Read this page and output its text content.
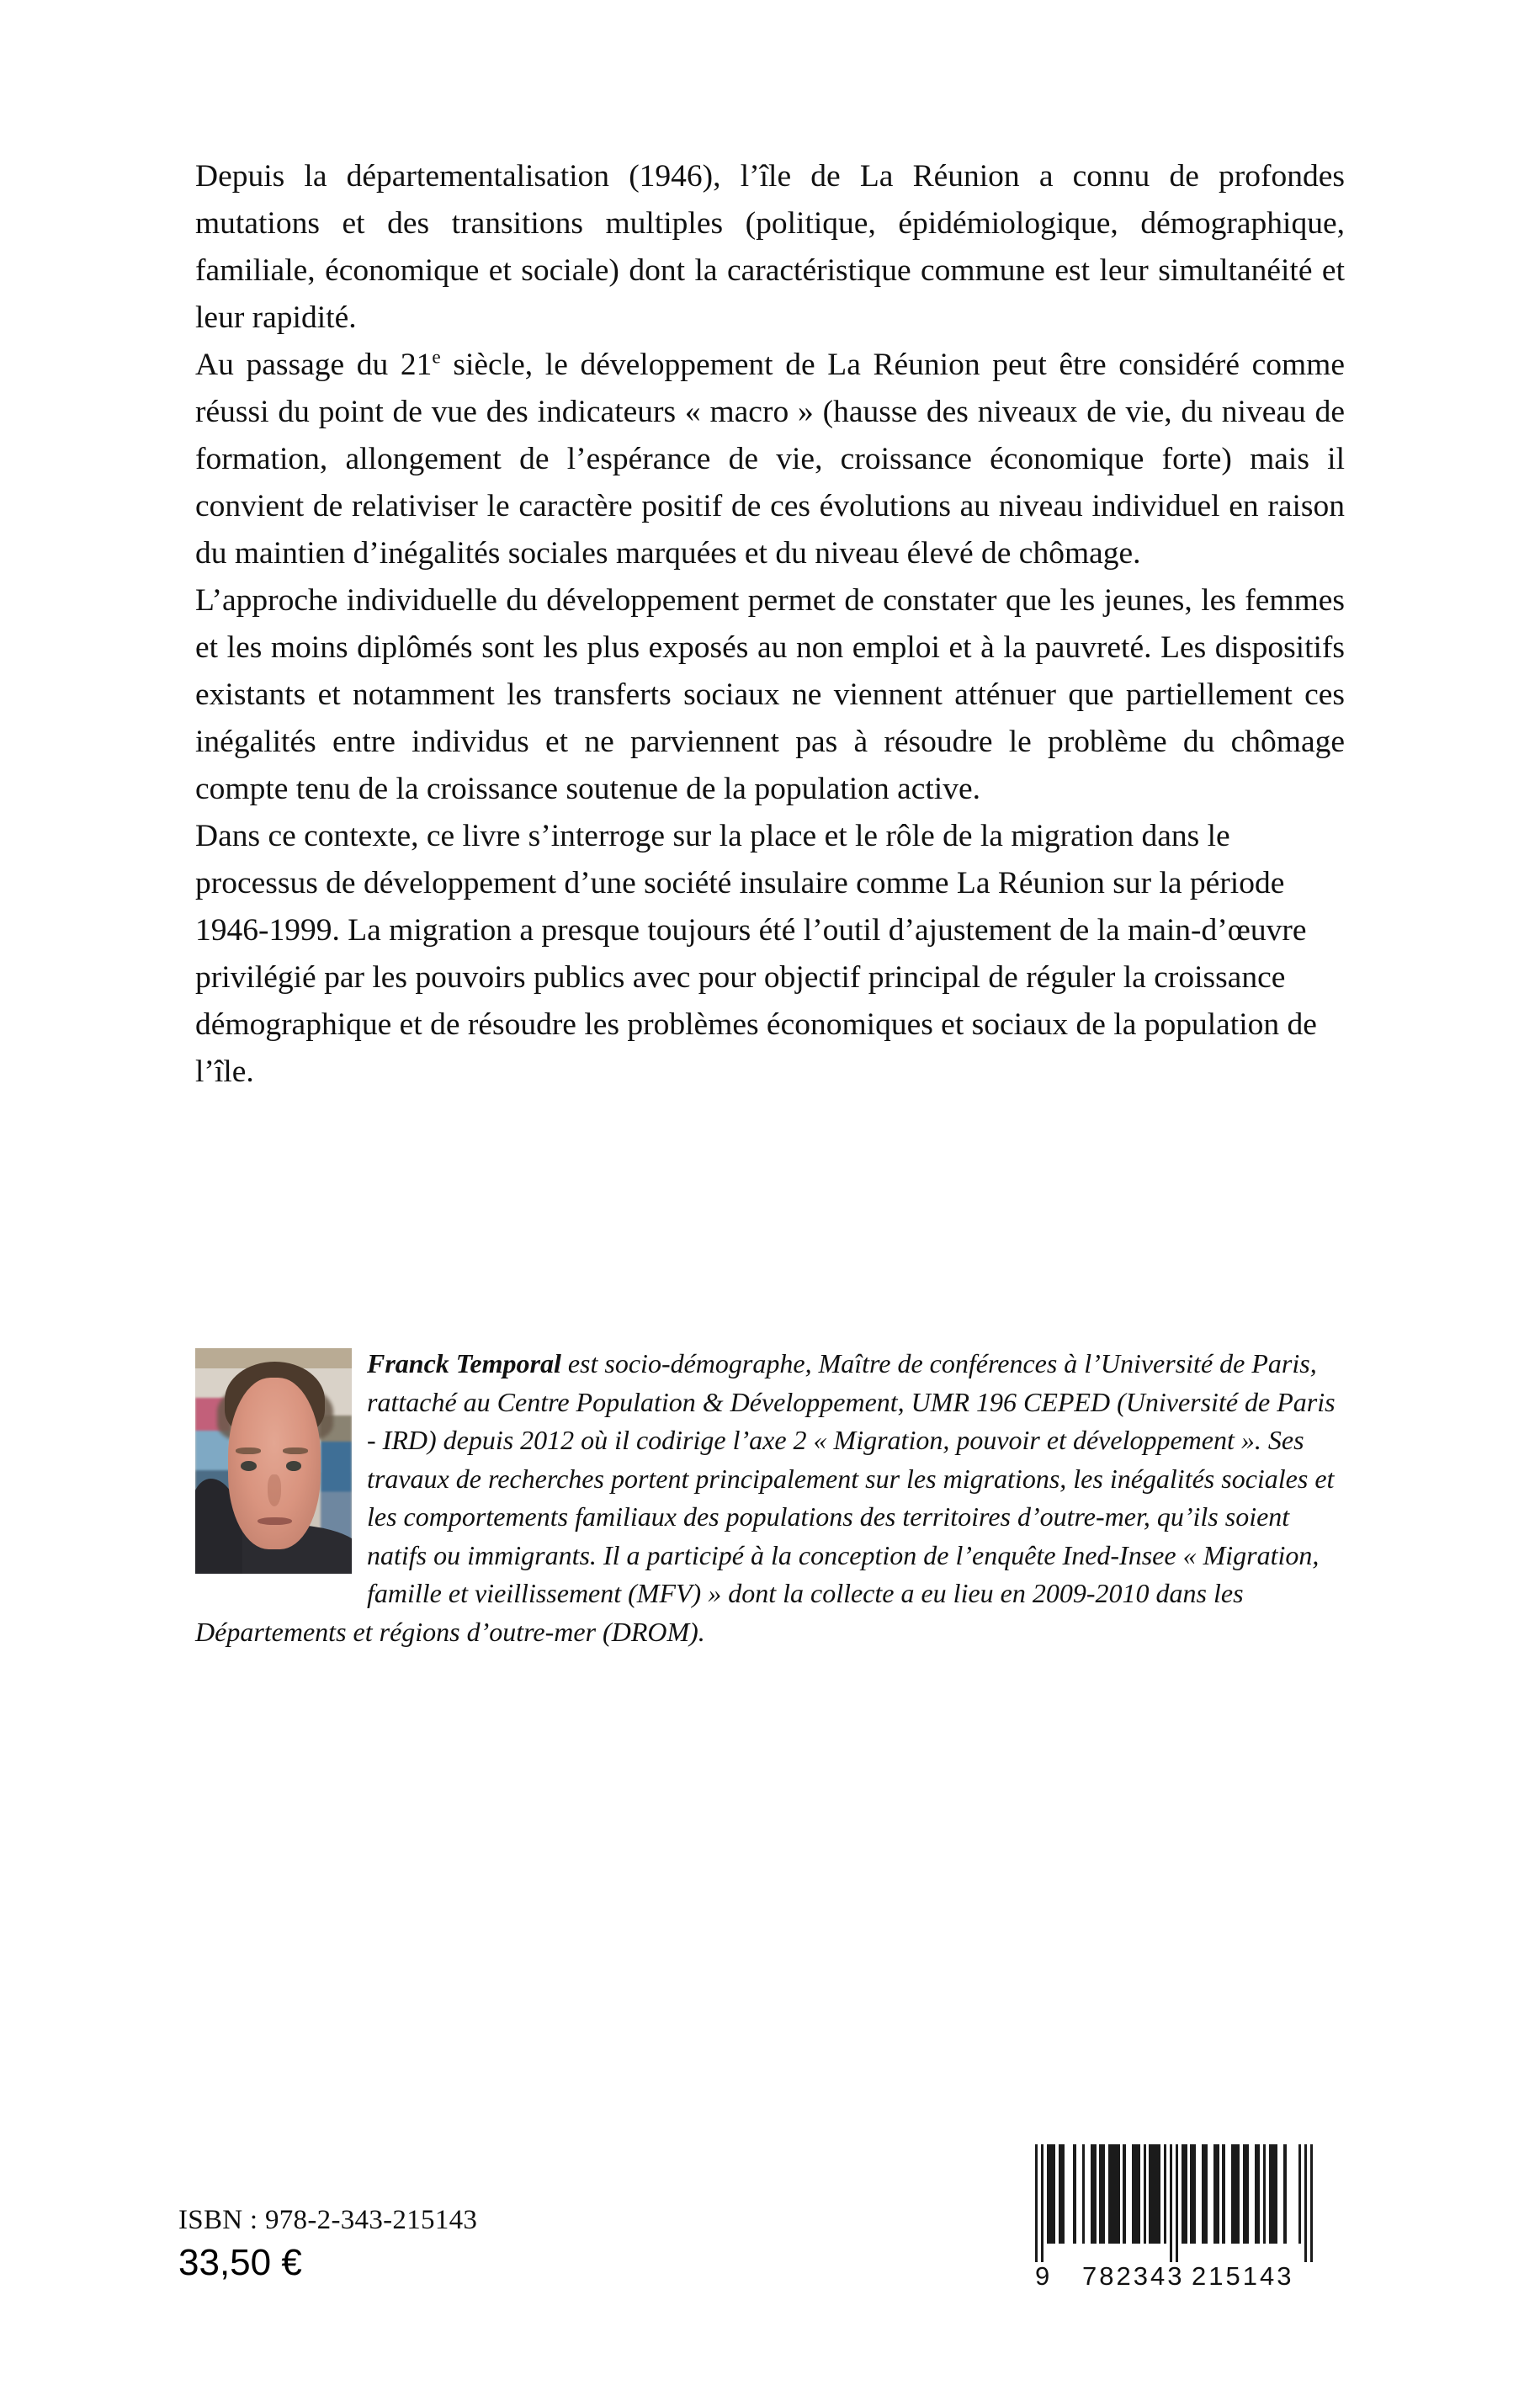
Depuis la départementalisation (1946), l’île de La Réunion a connu de profondes mutations et des transitions multiples (politique, épidémiologique, démographique, familiale, économique et sociale) dont la caractéristique commune est leur simultanéité et leur rapidité.

Au passage du 21e siècle, le développement de La Réunion peut être considéré comme réussi du point de vue des indicateurs « macro » (hausse des niveaux de vie, du niveau de formation, allongement de l’espérance de vie, croissance économique forte) mais il convient de relativiser le caractère positif de ces évolutions au niveau individuel en raison du maintien d’inégalités sociales marquées et du niveau élevé de chômage.

L’approche individuelle du développement permet de constater que les jeunes, les femmes et les moins diplômés sont les plus exposés au non emploi et à la pauvreté. Les dispositifs existants et notamment les transferts sociaux ne viennent atténuer que partiellement ces inégalités entre individus et ne parviennent pas à résoudre le problème du chômage compte tenu de la croissance soutenue de la population active.

Dans ce contexte, ce livre s’interroge sur la place et le rôle de la migration dans le processus de développement d’une société insulaire comme La Réunion sur la période 1946-1999. La migration a presque toujours été l’outil d’ajustement de la main-d’œuvre privilégié par les pouvoirs publics avec pour objectif principal de réguler la croissance démographique et de résoudre les problèmes économiques et sociaux de la population de l’île.

Franck Temporal est socio-démographe, Maître de conférences à l’Université de Paris, rattaché au Centre Population & Développement, UMR 196 CEPED (Université de Paris - IRD) depuis 2012 où il codirige l’axe 2 « Migration, pouvoir et développement ». Ses travaux de recherches portent principalement sur les migrations, les inégalités sociales et les comportements familiaux des populations des territoires d’outre-mer, qu’ils soient natifs ou immigrants. Il a participé à la conception de l’enquête Ined-Insee « Migration, famille et vieillissement (MFV) » dont la collecte a eu lieu en 2009-2010 dans les Départements et régions d’outre-mer (DROM).

ISBN : 978-2-343-215143
33,50 €	9 782343 215143
